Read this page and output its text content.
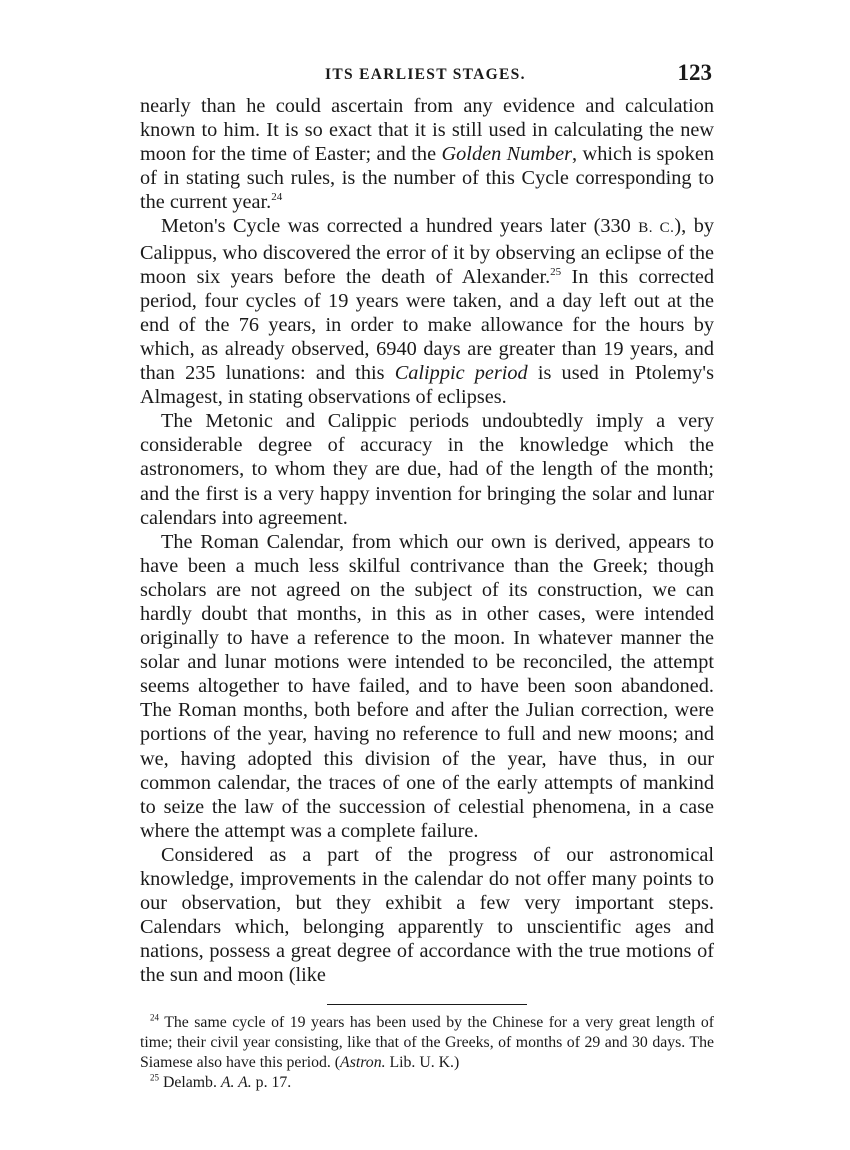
ITS EARLIEST STAGES.	123

nearly than he could ascertain from any evidence and calculation known to him. It is so exact that it is still used in calculating the new moon for the time of Easter; and the Golden Number, which is spoken of in stating such rules, is the number of this Cycle corresponding to the current year.$^{24}$

Meton's Cycle was corrected a hundred years later (330 B. C.), by Calippus, who discovered the error of it by observing an eclipse of the moon six years before the death of Alexander.$^{25}$ In this corrected period, four cycles of 19 years were taken, and a day left out at the end of the 76 years, in order to make allowance for the hours by which, as already observed, 6940 days are greater than 19 years, and than 235 lunations: and this Calippic period is used in Ptolemy's Almagest, in stating observations of eclipses.

The Metonic and Calippic periods undoubtedly imply a very considerable degree of accuracy in the knowledge which the astronomers, to whom they are due, had of the length of the month; and the first is a very happy invention for bringing the solar and lunar calendars into agreement.

The Roman Calendar, from which our own is derived, appears to have been a much less skilful contrivance than the Greek; though scholars are not agreed on the subject of its construction, we can hardly doubt that months, in this as in other cases, were intended originally to have a reference to the moon. In whatever manner the solar and lunar motions were intended to be reconciled, the attempt seems altogether to have failed, and to have been soon abandoned. The Roman months, both before and after the Julian correction, were portions of the year, having no reference to full and new moons; and we, having adopted this division of the year, have thus, in our common calendar, the traces of one of the early attempts of mankind to seize the law of the succession of celestial phenomena, in a case where the attempt was a complete failure.

Considered as a part of the progress of our astronomical knowledge, improvements in the calendar do not offer many points to our observation, but they exhibit a few very important steps. Calendars which, belonging apparently to unscientific ages and nations, possess a great degree of accordance with the true motions of the sun and moon (like

$^{24}$ The same cycle of 19 years has been used by the Chinese for a very great length of time; their civil year consisting, like that of the Greeks, of months of 29 and 30 days. The Siamese also have this period. (Astron. Lib. U. K.)

$^{25}$ Delamb. A. A. p. 17.
